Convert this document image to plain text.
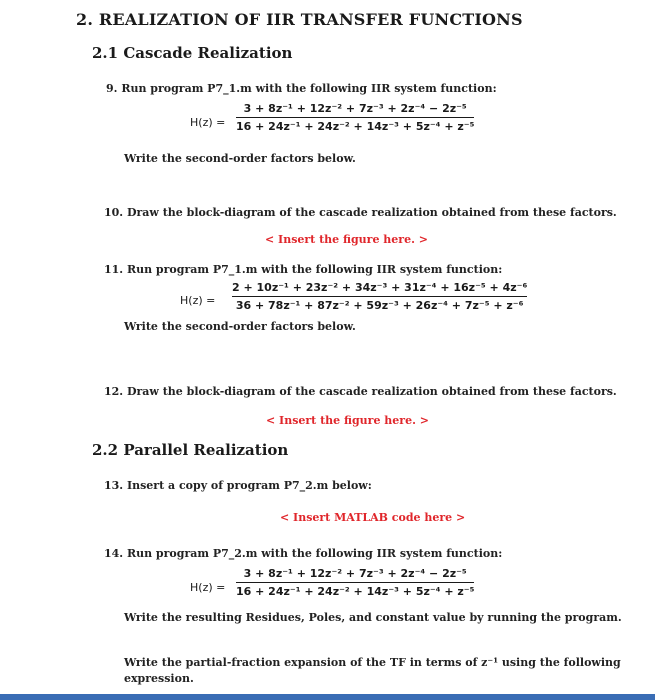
2. REALIZATION OF IIR TRANSFER FUNCTIONS
2.1 Cascade Realization
9. Run program P7_1.m with the following IIR system function:
H(z) =
3 + 8z⁻¹ + 12z⁻² + 7z⁻³ + 2z⁻⁴ − 2z⁻⁵
16 + 24z⁻¹ + 24z⁻² + 14z⁻³ + 5z⁻⁴ + z⁻⁵
Write the second-order factors below.
10. Draw the block-diagram of the cascade realization obtained from these factors.
< Insert the figure here. >
11. Run program P7_1.m with the following IIR system function:
H(z) =
2 + 10z⁻¹ + 23z⁻² + 34z⁻³ + 31z⁻⁴ + 16z⁻⁵ + 4z⁻⁶
36 + 78z⁻¹ + 87z⁻² + 59z⁻³ + 26z⁻⁴ + 7z⁻⁵ + z⁻⁶
Write the second-order factors below.
12. Draw the block-diagram of the cascade realization obtained from these factors.
< Insert the figure here. >
2.2 Parallel Realization
13. Insert a copy of program P7_2.m below:
< Insert MATLAB code here >
14. Run program P7_2.m with the following IIR system function:
H(z) =
3 + 8z⁻¹ + 12z⁻² + 7z⁻³ + 2z⁻⁴ − 2z⁻⁵
16 + 24z⁻¹ + 24z⁻² + 14z⁻³ + 5z⁻⁴ + z⁻⁵
Write the resulting Residues, Poles, and constant value by running the program.
Write the partial-fraction expansion of the TF in terms of z⁻¹ using the following
expression.
